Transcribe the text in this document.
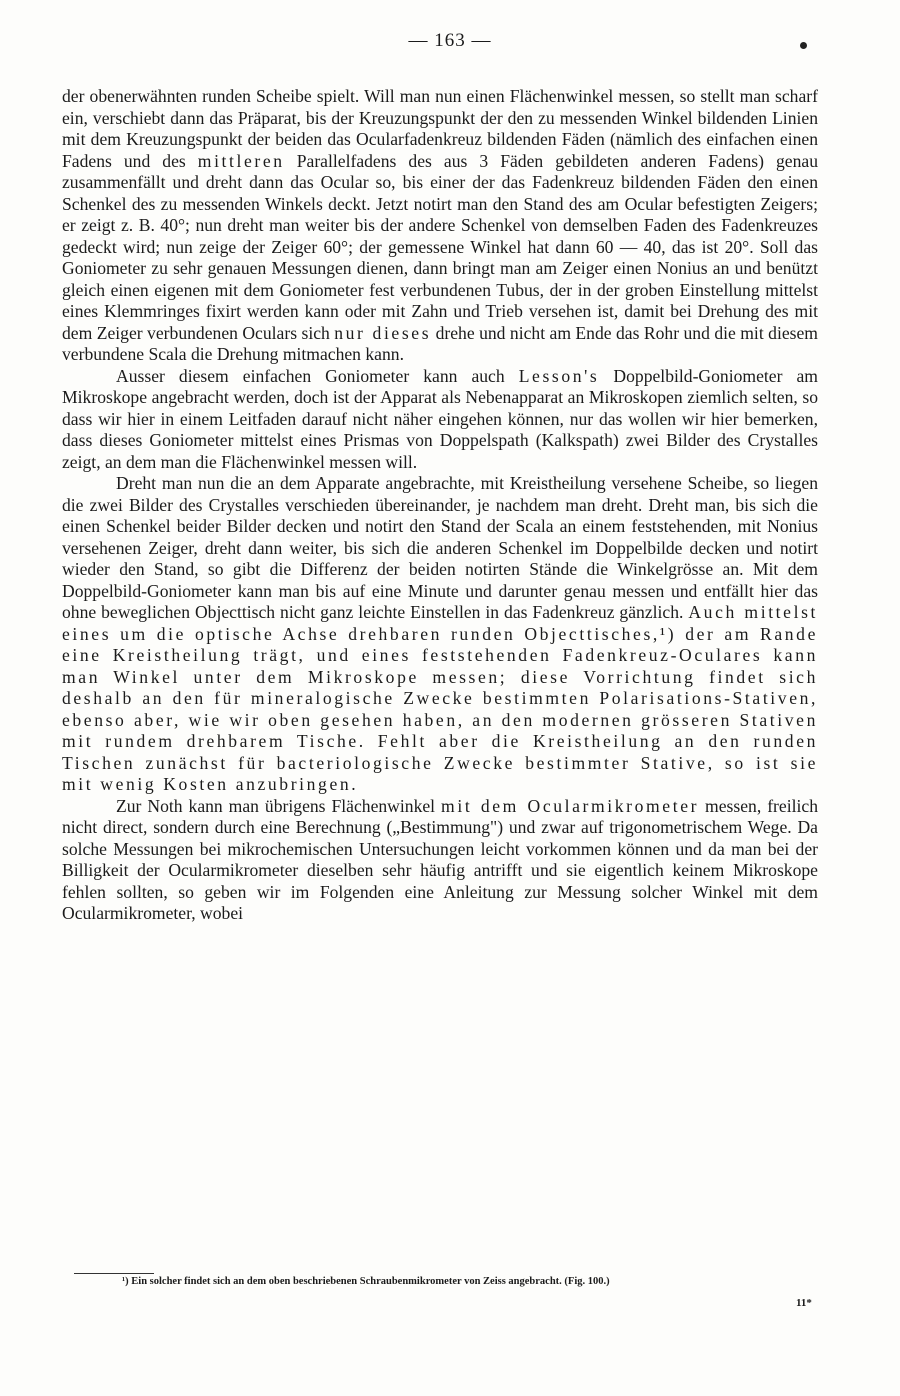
— 163 —

der obenerwähnten runden Scheibe spielt. Will man nun einen Flächenwinkel messen, so stellt man scharf ein, verschiebt dann das Präparat, bis der Kreuzungspunkt der den zu messenden Winkel bildenden Linien mit dem Kreuzungspunkt der beiden das Ocularfadenkreuz bildenden Fäden (nämlich des einfachen einen Fadens und des mittleren Parallelfadens des aus 3 Fäden gebildeten anderen Fadens) genau zusammenfällt und dreht dann das Ocular so, bis einer der das Fadenkreuz bildenden Fäden den einen Schenkel des zu messenden Winkels deckt. Jetzt notirt man den Stand des am Ocular befestigten Zeigers; er zeigt z. B. 40°; nun dreht man weiter bis der andere Schenkel von demselben Faden des Fadenkreuzes gedeckt wird; nun zeige der Zeiger 60°; der gemessene Winkel hat dann 60 — 40, das ist 20°. Soll das Goniometer zu sehr genauen Messungen dienen, dann bringt man am Zeiger einen Nonius an und benützt gleich einen eigenen mit dem Goniometer fest verbundenen Tubus, der in der groben Einstellung mittelst eines Klemmringes fixirt werden kann oder mit Zahn und Trieb versehen ist, damit bei Drehung des mit dem Zeiger verbundenen Oculars sich nur dieses drehe und nicht am Ende das Rohr und die mit diesem verbundene Scala die Drehung mitmachen kann.

Ausser diesem einfachen Goniometer kann auch Lesson's Doppelbild-Goniometer am Mikroskope angebracht werden, doch ist der Apparat als Nebenapparat an Mikroskopen ziemlich selten, so dass wir hier in einem Leitfaden darauf nicht näher eingehen können, nur das wollen wir hier bemerken, dass dieses Goniometer mittelst eines Prismas von Doppelspath (Kalkspath) zwei Bilder des Crystalles zeigt, an dem man die Flächenwinkel messen will.

Dreht man nun die an dem Apparate angebrachte, mit Kreistheilung versehene Scheibe, so liegen die zwei Bilder des Crystalles verschieden übereinander, je nachdem man dreht. Dreht man, bis sich die einen Schenkel beider Bilder decken und notirt den Stand der Scala an einem feststehenden, mit Nonius versehenen Zeiger, dreht dann weiter, bis sich die anderen Schenkel im Doppelbilde decken und notirt wieder den Stand, so gibt die Differenz der beiden notirten Stände die Winkelgrösse an. Mit dem Doppelbild-Goniometer kann man bis auf eine Minute und darunter genau messen und entfällt hier das ohne beweglichen Objecttisch nicht ganz leichte Einstellen in das Fadenkreuz gänzlich. Auch mittelst eines um die optische Achse drehbaren runden Objecttisches,¹) der am Rande eine Kreistheilung trägt, und eines feststehenden Fadenkreuz-Oculares kann man Winkel unter dem Mikroskope messen; diese Vorrichtung findet sich deshalb an den für mineralogische Zwecke bestimmten Polarisations-Stativen, ebenso aber, wie wir oben gesehen haben, an den modernen grösseren Stativen mit rundem drehbarem Tische. Fehlt aber die Kreistheilung an den runden Tischen zunächst für bacteriologische Zwecke bestimmter Stative, so ist sie mit wenig Kosten anzubringen.

Zur Noth kann man übrigens Flächenwinkel mit dem Ocularmikrometer messen, freilich nicht direct, sondern durch eine Berechnung („Bestimmung") und zwar auf trigonometrischem Wege. Da solche Messungen bei mikrochemischen Untersuchungen leicht vorkommen können und da man bei der Billigkeit der Ocularmikrometer dieselben sehr häufig antrifft und sie eigentlich keinem Mikroskope fehlen sollten, so geben wir im Folgenden eine Anleitung zur Messung solcher Winkel mit dem Ocularmikrometer, wobei

¹) Ein solcher findet sich an dem oben beschriebenen Schraubenmikrometer von Zeiss angebracht. (Fig. 100.)
11*
